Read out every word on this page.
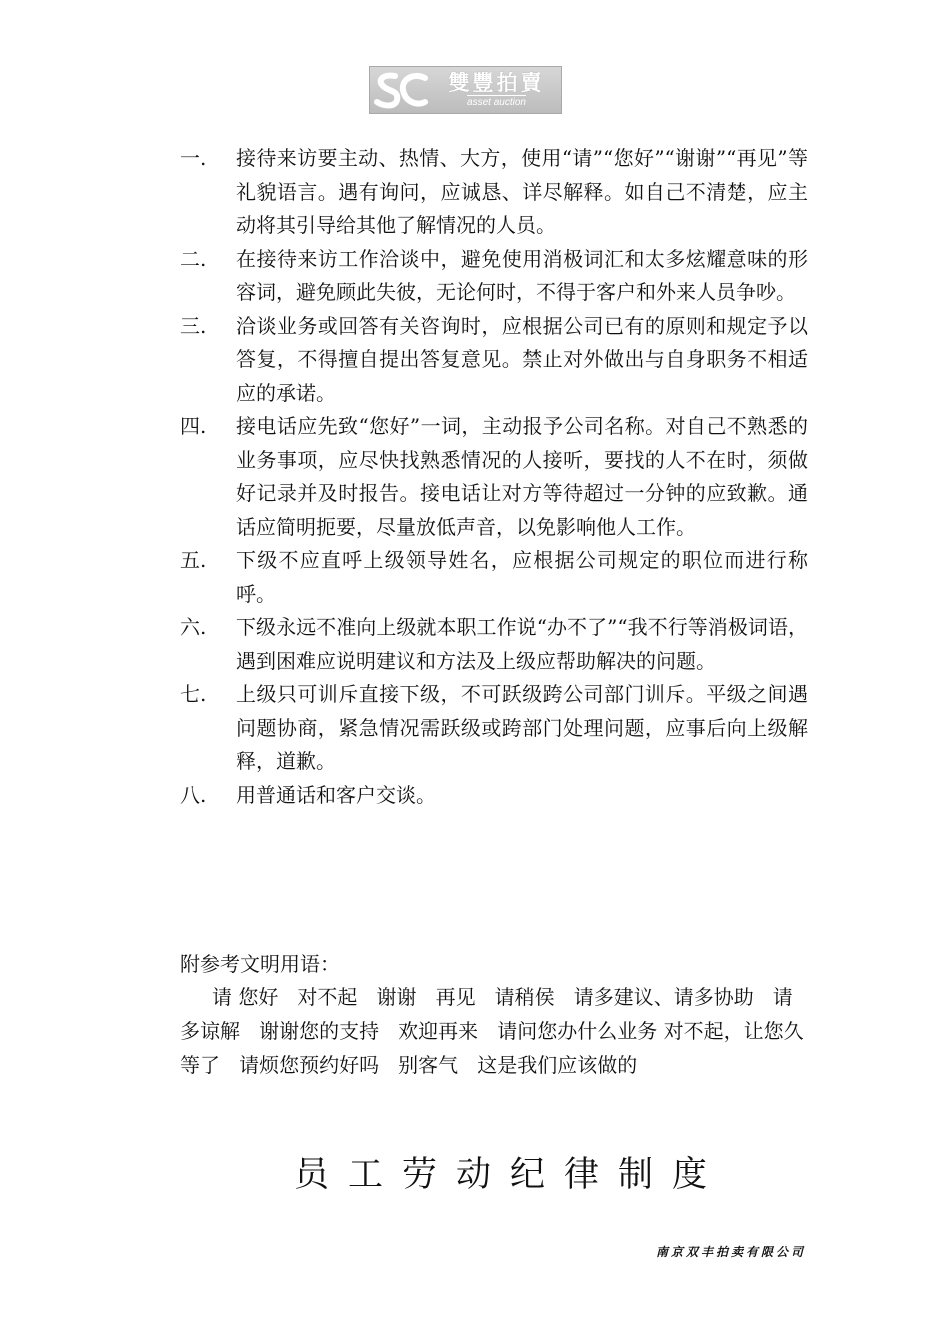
雙豐拍賣
asset auction
一.	接待来访要主动、热情、大方，使用“请”“您好”“谢谢”“再见”等礼貌语言。遇有询问，应诚恳、详尽解释。如自己不清楚，应主动将其引导给其他了解情况的人员。
二.	在接待来访工作洽谈中，避免使用消极词汇和太多炫耀意味的形容词，避免顾此失彼，无论何时，不得于客户和外来人员争吵。
三.	洽谈业务或回答有关咨询时，应根据公司已有的原则和规定予以答复，不得擅自提出答复意见。禁止对外做出与自身职务不相适应的承诺。
四.	接电话应先致“您好”一词，主动报予公司名称。对自己不熟悉的业务事项，应尽快找熟悉情况的人接听，要找的人不在时，须做好记录并及时报告。接电话让对方等待超过一分钟的应致歉。通话应简明扼要，尽量放低声音，以免影响他人工作。
五.	下级不应直呼上级领导姓名，应根据公司规定的职位而进行称呼。
六.	下级永远不准向上级就本职工作说“办不了”“我不行等消极词语，遇到困难应说明建议和方法及上级应帮助解决的问题。
七.	上级只可训斥直接下级，不可跃级跨公司部门训斥。平级之间遇问题协商，紧急情况需跃级或跨部门处理问题，应事后向上级解释，道歉。
八.	用普通话和客户交谈。
附参考文明用语：

请 您好   对不起   谢谢   再见   请稍侯   请多建议、请多协助   请多谅解   谢谢您的支持   欢迎再来   请问您办什么业务 对不起，让您久等了   请烦您预约好吗   别客气   这是我们应该做的

员工劳动纪律制度
南京双丰拍卖有限公司
